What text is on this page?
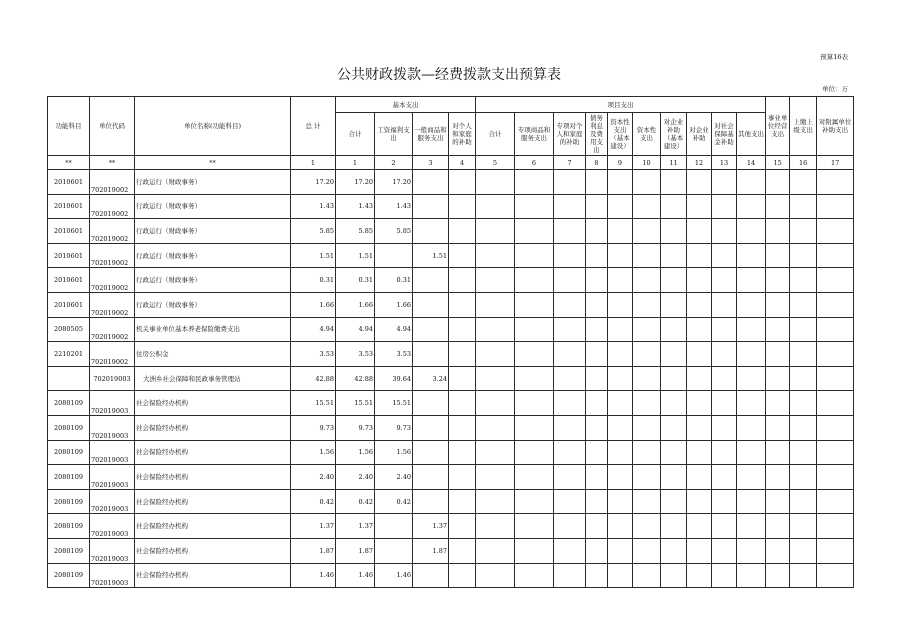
预算16表
公共财政拨款—经费拨款支出预算表
单位：万
功能科目	单位代码	单位名称(功能科目)	总 计	基本支出				项目支出										事业单位经营支出	上缴上级支出	对附属单位补助支出
				合计	工资福利支出	一般商品和服务支出	对个人和家庭的补助	合计	专项商品和服务支出	专项对个人和家庭的补助	债务利息及费用支出	资本性支出（基本建设）	资本性支出	对企业补助（基本建设）	对企业补助	对社会保障基金补助	其他支出			
**	**	**	1	1	2	3	4	5	6	7	8	9	10	11	12	13	14	15	16	17
2010601	702019002	行政运行（财政事务）	17.20	17.20	17.20															
2010601	702019002	行政运行（财政事务）	1.43	1.43	1.43															
2010601	702019002	行政运行（财政事务）	5.85	5.85	5.85															
2010601	702019002	行政运行（财政事务）	1.51	1.51		1.51														
2010601	702019002	行政运行（财政事务）	0.31	0.31	0.31															
2010601	702019002	行政运行（财政事务）	1.66	1.66	1.66															
2080505	702019002	机关事业单位基本养老保险缴费支出	4.94	4.94	4.94															
2210201	702019002	住房公积金	3.53	3.53	3.53															
	702019003	大洲乡社会保障和民政事务管理站	42.88	42.88	39.64	3.24														
2080109	702019003	社会保险经办机构	15.51	15.51	15.51															
2080109	702019003	社会保险经办机构	9.73	9.73	9.73															
2080109	702019003	社会保险经办机构	1.56	1.56	1.56															
2080109	702019003	社会保险经办机构	2.40	2.40	2.40															
2080109	702019003	社会保险经办机构	0.42	0.42	0.42															
2080109	702019003	社会保险经办机构	1.37	1.37		1.37														
2080109	702019003	社会保险经办机构	1.87	1.87		1.87														
2080109	702019003	社会保险经办机构	1.46	1.46	1.46															
